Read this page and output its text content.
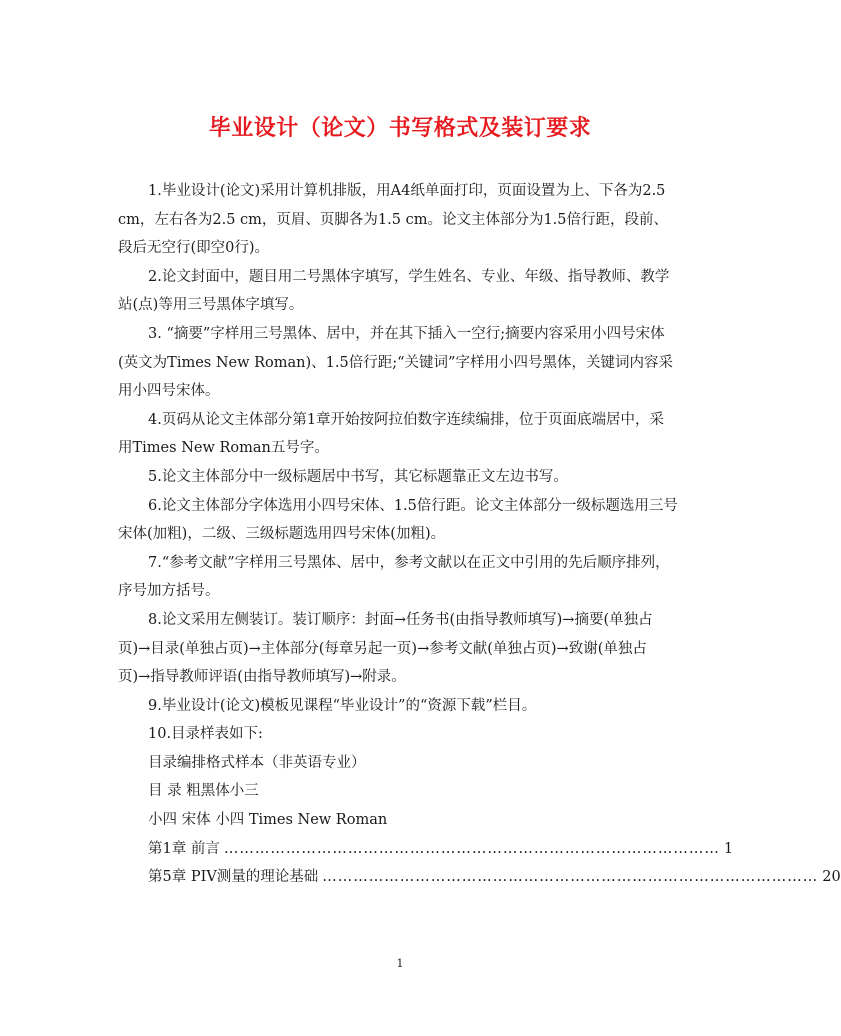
毕业设计（论文）书写格式及装订要求

1.毕业设计(论文)采用计算机排版，用A4纸单面打印，页面设置为上、下各为2.5 cm，左右各为2.5 cm，页眉、页脚各为1.5 cm。论文主体部分为1.5倍行距，段前、段后无空行(即空0行)。

2.论文封面中，题目用二号黑体字填写，学生姓名、专业、年级、指导教师、教学站(点)等用三号黑体字填写。

3. “摘要”字样用三号黑体、居中，并在其下插入一空行;摘要内容采用小四号宋体(英文为Times New Roman)、1.5倍行距;“关键词”字样用小四号黑体，关键词内容采用小四号宋体。

4.页码从论文主体部分第1章开始按阿拉伯数字连续编排，位于页面底端居中，采用Times New Roman五号字。

5.论文主体部分中一级标题居中书写，其它标题靠正文左边书写。

6.论文主体部分字体选用小四号宋体、1.5倍行距。论文主体部分一级标题选用三号宋体(加粗)，二级、三级标题选用四号宋体(加粗)。

7.“参考文献”字样用三号黑体、居中，参考文献以在正文中引用的先后顺序排列，序号加方括号。

8.论文采用左侧装订。装订顺序：封面→任务书(由指导教师填写)→摘要(单独占页)→目录(单独占页)→主体部分(每章另起一页)→参考文献(单独占页)→致谢(单独占页)→指导教师评语(由指导教师填写)→附录。

9.毕业设计(论文)模板见课程“毕业设计”的“资源下载”栏目。

10.目录样表如下:

目录编排格式样本（非英语专业）

目 录 粗黑体小三

小四 宋体 小四 Times New Roman

第1章 前言 …………………………………………………………………………………… 1
第5章 PIV测量的理论基础 …………………………………………………………………………………… 20
1
